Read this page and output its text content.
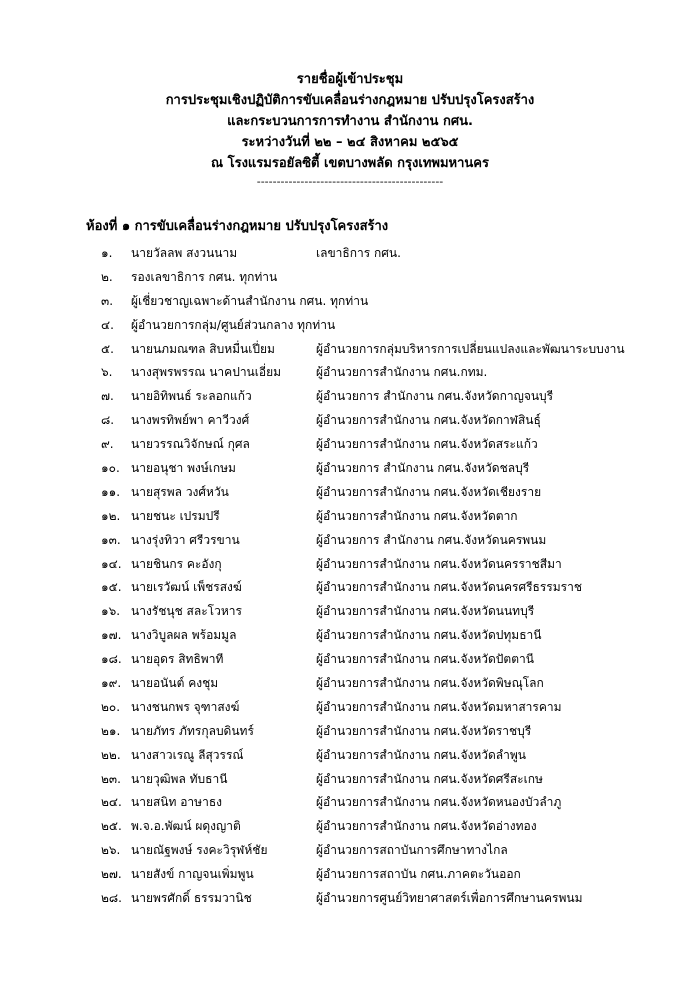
รายชื่อผู้เข้าประชุม
การประชุมเชิงปฏิบัติการขับเคลื่อนร่างกฎหมาย ปรับปรุงโครงสร้าง
และกระบวนการการทำงาน สำนักงาน กศน.
ระหว่างวันที่ ๒๒ – ๒๔ สิงหาคม ๒๕๖๕
ณ โรงแรมรอยัลซิตี้ เขตบางพลัด กรุงเทพมหานคร
-----------------------------------------------
ห้องที่ ๑ การขับเคลื่อนร่างกฎหมาย ปรับปรุงโครงสร้าง
๑.	นายวัลลพ สงวนนาม	เลขาธิการ กศน.
๒.	รองเลขาธิการ กศน. ทุกท่าน
๓.	ผู้เชี่ยวชาญเฉพาะด้านสำนักงาน กศน. ทุกท่าน
๔.	ผู้อำนวยการกลุ่ม/ศูนย์ส่วนกลาง ทุกท่าน
๕.	นายนภมณฑล สิบหมื่นเปี่ยม	ผู้อำนวยการกลุ่มบริหารการเปลี่ยนแปลงและพัฒนาระบบงาน
๖.	นางสุพรพรรณ นาคปานเอี่ยม	ผู้อำนวยการสำนักงาน กศน.กทม.
๗.	นายอิทิพนธ์ ระลอกแก้ว	ผู้อำนวยการ สำนักงาน กศน.จังหวัดกาญจนบุรี
๘.	นางพรทิพย์พา คาวีวงศ์	ผู้อำนวยการสำนักงาน กศน.จังหวัดกาฬสินธุ์
๙.	นายวรรณวิจักษณ์ กุศล	ผู้อำนวยการสำนักงาน กศน.จังหวัดสระแก้ว
๑๐. นายอนุชา พงษ์เกษม	ผู้อำนวยการ สำนักงาน กศน.จังหวัดชลบุรี
๑๑. นายสุรพล วงศ์หวัน	ผู้อำนวยการสำนักงาน กศน.จังหวัดเชียงราย
๑๒. นายชนะ เปรมปรี	ผู้อำนวยการสำนักงาน กศน.จังหวัดตาก
๑๓. นางรุ่งทิวา ศรีวรขาน	ผู้อำนวยการ สำนักงาน กศน.จังหวัดนครพนม
๑๔. นายชินกร คะอังกุ	ผู้อำนวยการสำนักงาน กศน.จังหวัดนครราชสีมา
๑๕. นายเรวัฒน์ เพ็ชรสงฆ์	ผู้อำนวยการสำนักงาน กศน.จังหวัดนครศรีธรรมราช
๑๖. นางรัชนุช สละโวหาร	ผู้อำนวยการสำนักงาน กศน.จังหวัดนนทบุรี
๑๗. นางวิบูลผล พร้อมมูล	ผู้อำนวยการสำนักงาน กศน.จังหวัดปทุมธานี
๑๘. นายอุดร สิทธิพาที	ผู้อำนวยการสำนักงาน กศน.จังหวัดปัตตานี
๑๙. นายอนันต์ คงชุม	ผู้อำนวยการสำนักงาน กศน.จังหวัดพิษณุโลก
๒๐. นางชนกพร จุฑาสงฆ์	ผู้อำนวยการสำนักงาน กศน.จังหวัดมหาสารคาม
๒๑. นายภัทร ภัทรกุลบดินทร์	ผู้อำนวยการสำนักงาน กศน.จังหวัดราชบุรี
๒๒. นางสาวเรณู ลีสุวรรณ์	ผู้อำนวยการสำนักงาน กศน.จังหวัดลำพูน
๒๓. นายวุฒิพล ทับธานี	ผู้อำนวยการสำนักงาน กศน.จังหวัดศรีสะเกษ
๒๔. นายสนิท อาษาธง	ผู้อำนวยการสำนักงาน กศน.จังหวัดหนองบัวลำภู
๒๕. พ.จ.อ.พัฒน์ ผดุงญาติ	ผู้อำนวยการสำนักงาน กศน.จังหวัดอ่างทอง
๒๖. นายณัฐพงษ์ รงคะวิรุฬห์ชัย	ผู้อำนวยการสถาบันการศึกษาทางไกล
๒๗. นายสังข์ กาญจนเพิ่มพูน	ผู้อำนวยการสถาบัน กศน.ภาคตะวันออก
๒๘. นายพรศักดิ์ ธรรมวานิช	ผู้อำนวยการศูนย์วิทยาศาสตร์เพื่อการศึกษานครพนม
